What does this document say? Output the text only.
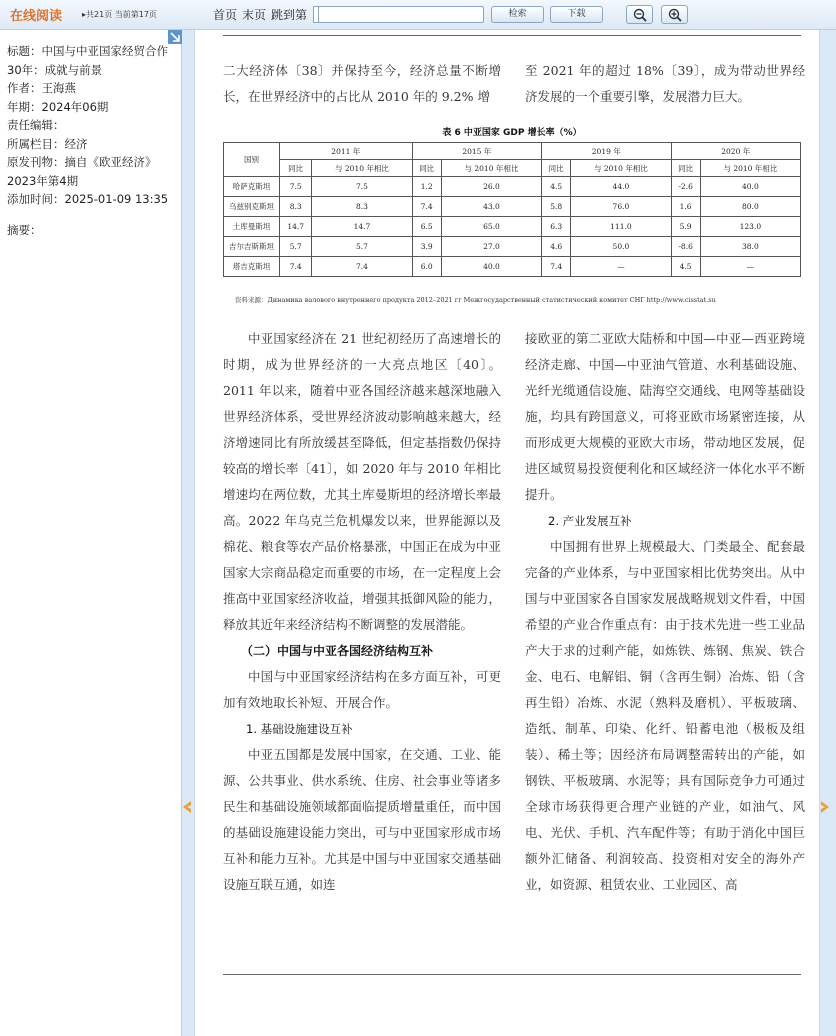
在线阅读 ▸共21页 当前第17页	首页 末页 跳到第	检索	下载
标题：中国与中亚国家经贸合作30年：成就与前景
作者：王海燕
年期：2024年06期
责任编辑：
所属栏目：经济
原发刊物：摘自《欧亚经济》2023年第4期
添加时间：2025-01-09 13:35
摘要：

二大经济体〔38〕并保持至今，经济总量不断增长，在世界经济中的占比从 2010 年的 9.2% 增

至 2021 年的超过 18%〔39〕，成为带动世界经济发展的一个重要引擎，发展潜力巨大。

表 6 中亚国家 GDP 增长率（%）
国别	2011 年		2015 年		2019 年		2020 年	
	同比	与 2010 年相比	同比	与 2010 年相比	同比	与 2010 年相比	同比	与 2010 年相比
哈萨克斯坦	7.5	7.5	1.2	26.0	4.5	44.0	-2.6	40.0
乌兹别克斯坦	8.3	8.3	7.4	43.0	5.8	76.0	1.6	80.0
土库曼斯坦	14.7	14.7	6.5	65.0	6.3	111.0	5.9	123.0
吉尔吉斯斯坦	5.7	5.7	3.9	27.0	4.6	50.0	-8.6	38.0
塔吉克斯坦	7.4	7.4	6.0	40.0	7.4	—	4.5	—
资料来源：Динамика валового внутреннего продукта 2012–2021 гг Межгосударственный статистический комитет СНГ http://www.cisstat.su

中亚国家经济在 21 世纪初经历了高速增长的时期，成为世界经济的一大亮点地区〔40〕。2011 年以来，随着中亚各国经济越来越深地融入世界经济体系，受世界经济波动影响越来越大，经济增速同比有所放缓甚至降低，但定基指数仍保持较高的增长率〔41〕，如 2020 年与 2010 年相比增速均在两位数，尤其土库曼斯坦的经济增长率最高。2022 年乌克兰危机爆发以来，世界能源以及棉花、粮食等农产品价格暴涨，中国正在成为中亚国家大宗商品稳定而重要的市场，在一定程度上会推高中亚国家经济收益，增强其抵御风险的能力，释放其近年来经济结构不断调整的发展潜能。

（二）中国与中亚各国经济结构互补

中国与中亚国家经济结构在多方面互补，可更加有效地取长补短、开展合作。

1. 基础设施建设互补

中亚五国都是发展中国家，在交通、工业、能源、公共事业、供水系统、住房、社会事业等诸多民生和基础设施领域都面临提质增量重任，而中国的基础设施建设能力突出，可与中亚国家形成市场互补和能力互补。尤其是中国与中亚国家交通基础设施互联互通，如连

接欧亚的第二亚欧大陆桥和中国—中亚—西亚跨境经济走廊、中国—中亚油气管道、水利基础设施、光纤光缆通信设施、陆海空交通线、电网等基础设施，均具有跨国意义，可将亚欧市场紧密连接，从而形成更大规模的亚欧大市场，带动地区发展，促进区域贸易投资便利化和区域经济一体化水平不断提升。

2. 产业发展互补

中国拥有世界上规模最大、门类最全、配套最完备的产业体系，与中亚国家相比优势突出。从中国与中亚国家各自国家发展战略规划文件看，中国希望的产业合作重点有：由于技术先进一些工业品产大于求的过剩产能，如炼铁、炼钢、焦炭、铁合金、电石、电解铝、铜（含再生铜）冶炼、铅（含再生铅）冶炼、水泥（熟料及磨机）、平板玻璃、造纸、制革、印染、化纤、铅蓄电池（极板及组装）、稀土等；因经济布局调整需转出的产能，如钢铁、平板玻璃、水泥等；具有国际竞争力可通过全球市场获得更合理产业链的产业，如油气、风电、光伏、手机、汽车配件等；有助于消化中国巨额外汇储备、利润较高、投资相对安全的海外产业，如资源、租赁农业、工业园区、高
